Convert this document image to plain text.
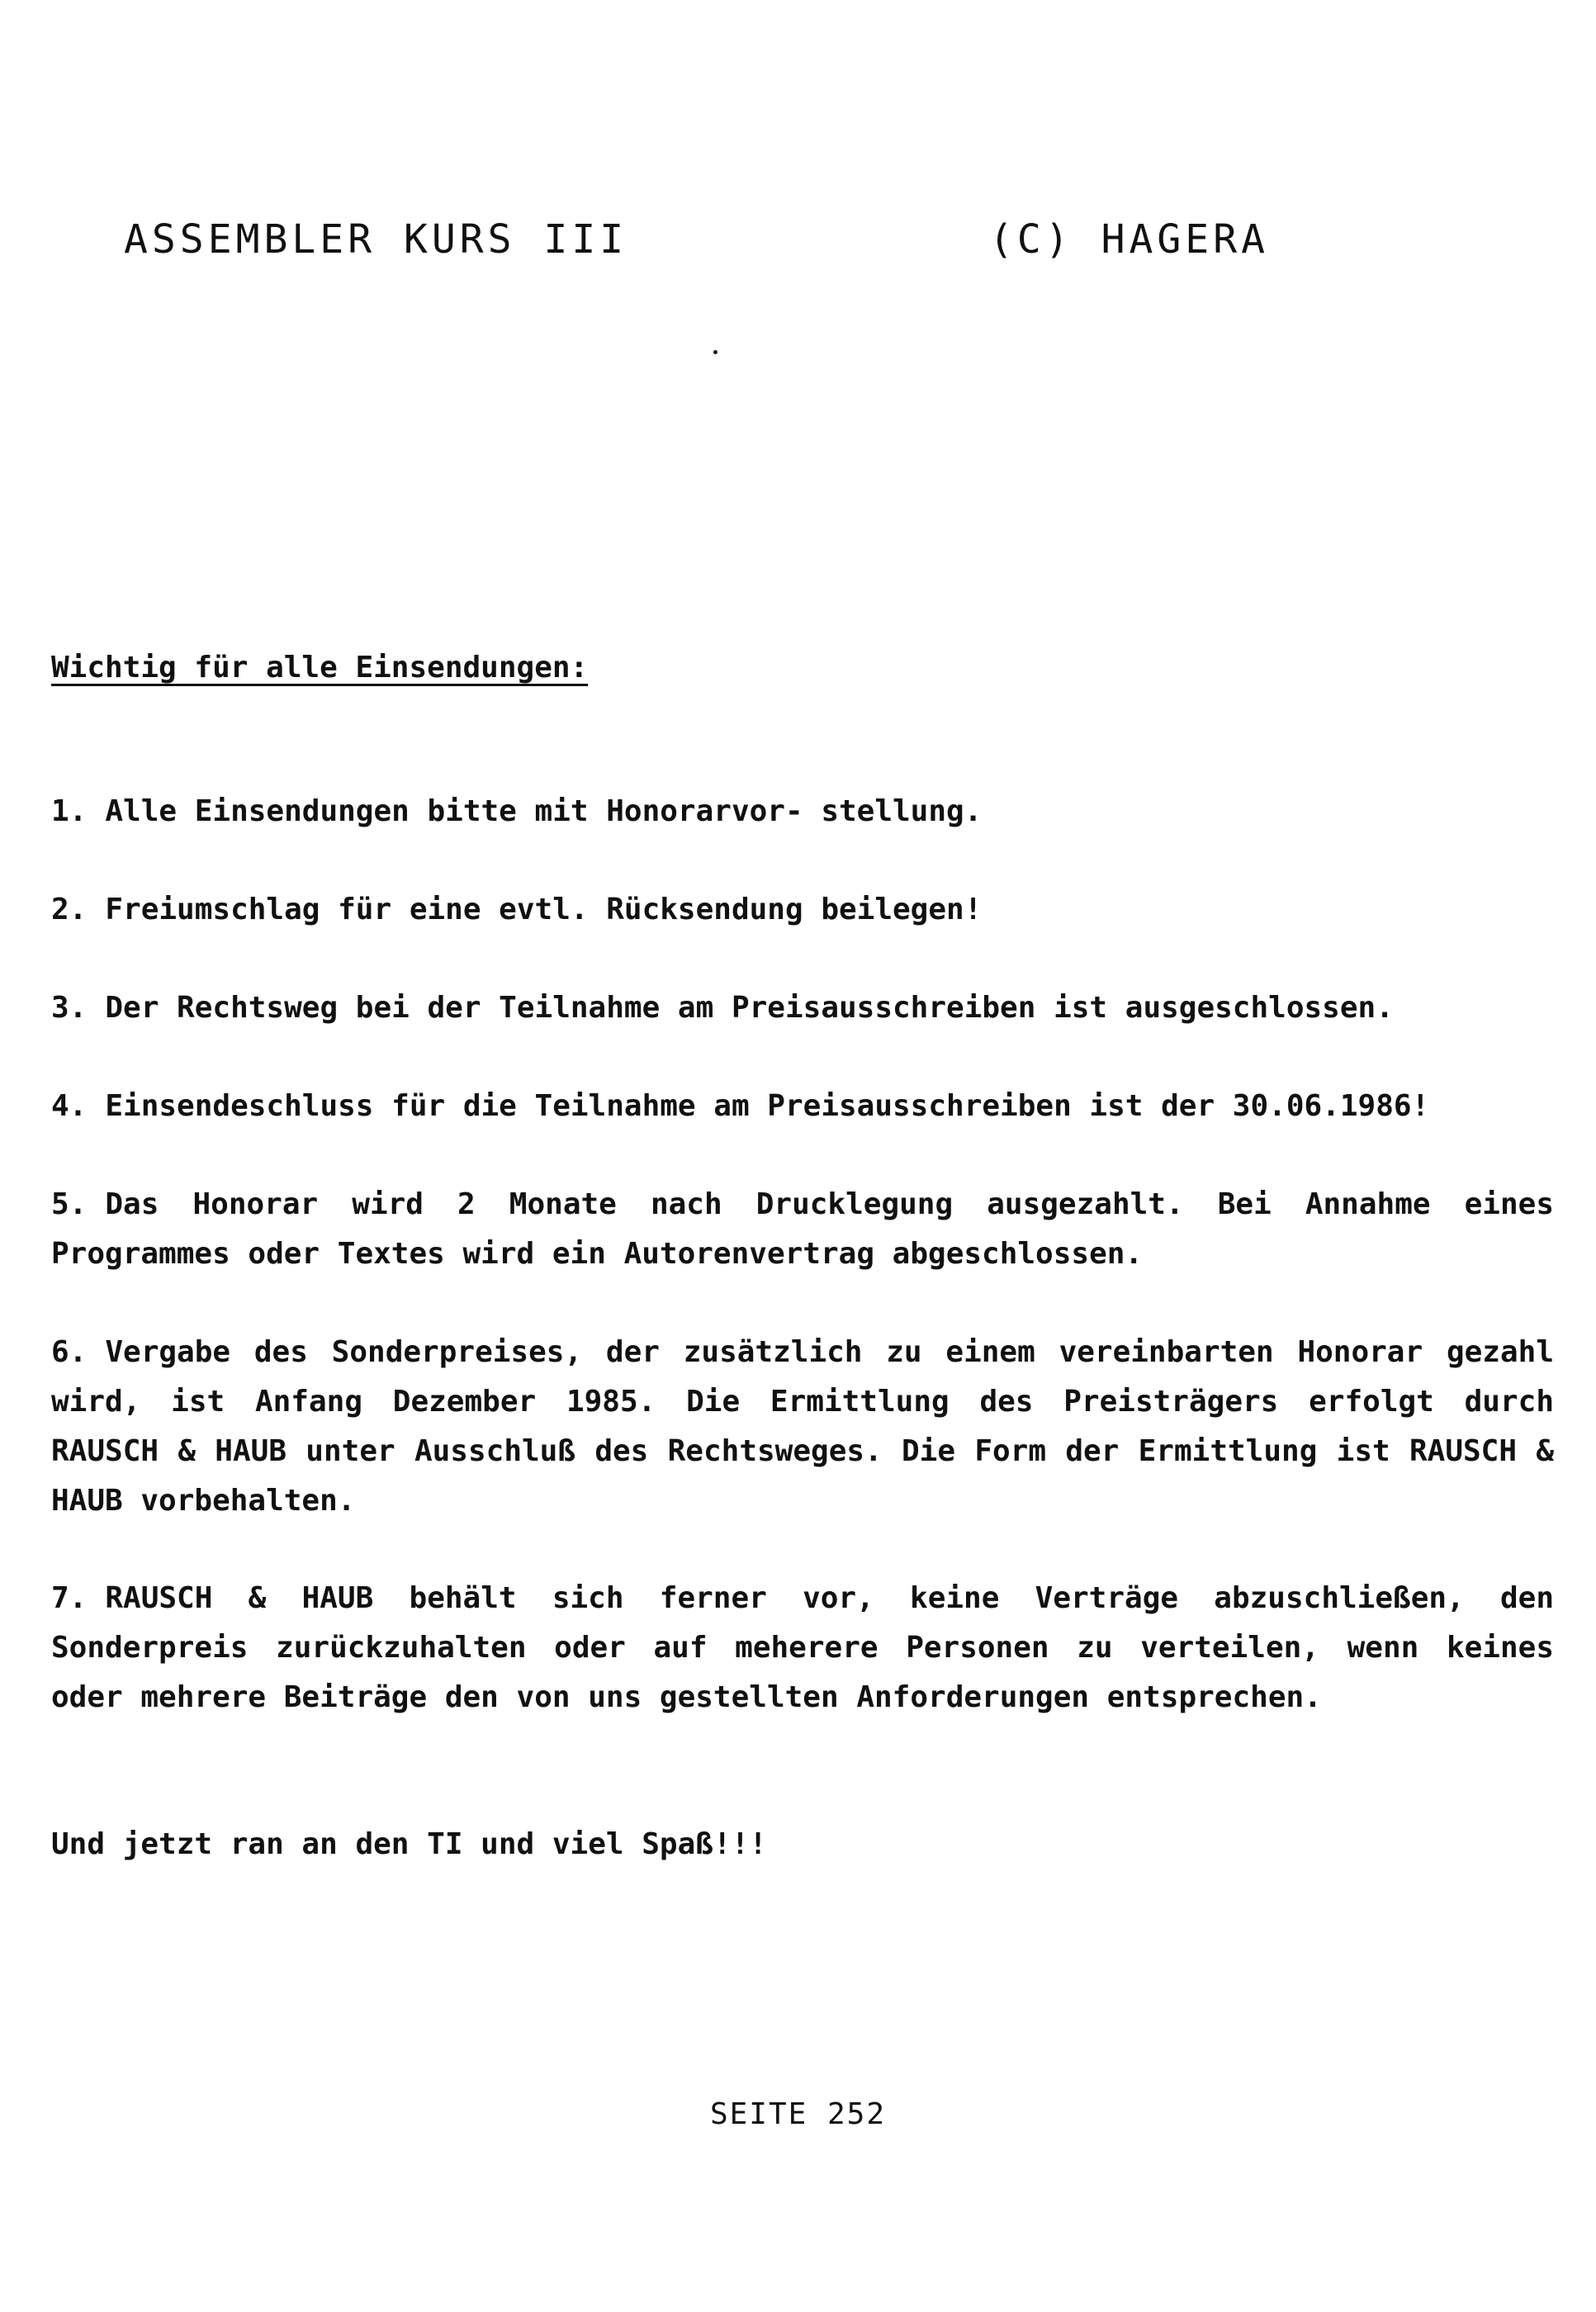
ASSEMBLER KURS III	(C) HAGERA
Wichtig für alle Einsendungen:
1. Alle Einsendungen bitte mit Honorarvor- stellung.
2. Freiumschlag für eine evtl. Rücksendung beilegen!
3. Der Rechtsweg bei der Teilnahme am Preisausschreiben ist ausgeschlossen.
4. Einsendeschluss für die Teilnahme am Preisausschreiben ist der 30.06.1986!
5. Das Honorar wird 2 Monate nach Drucklegung ausgezahlt. Bei Annahme eines Programmes oder Textes wird ein Autorenvertrag abgeschlossen.
6. Vergabe des Sonderpreises, der zusätzlich zu einem vereinbarten Honorar gezahl wird, ist Anfang Dezember 1985. Die Ermittlung des Preisträgers erfolgt durch RAUSCH & HAUB unter Ausschluß des Rechtsweges. Die Form der Ermittlung ist RAUSCH & HAUB vorbehalten.
7. RAUSCH & HAUB behält sich ferner vor, keine Verträge abzuschließen, den Sonderpreis zurückzuhalten oder auf meherere Personen zu verteilen, wenn keines oder mehrere Beiträge den von uns gestellten Anforderungen entsprechen.
Und jetzt ran an den TI und viel Spaß!!!
SEITE 252
